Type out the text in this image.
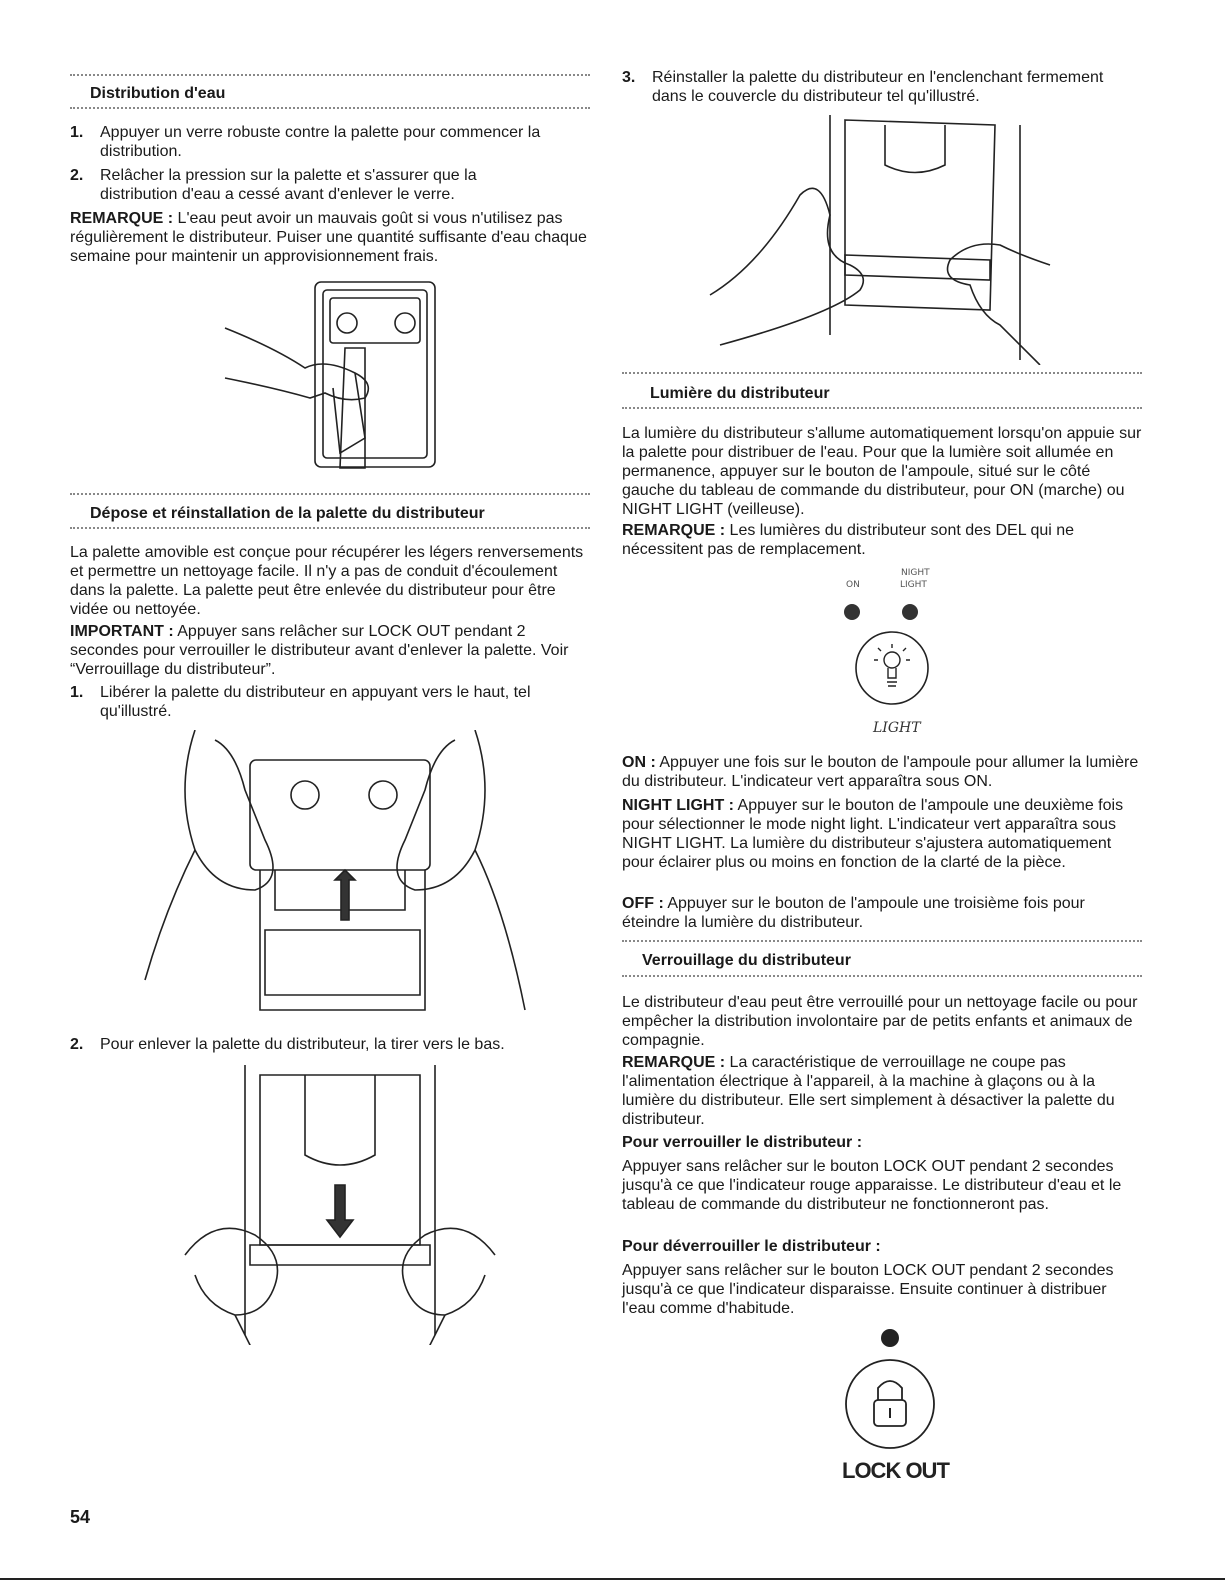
Distribution d'eau
1. Appuyer un verre robuste contre la palette pour commencer la distribution.
2. Relâcher la pression sur la palette et s'assurer que la distribution d'eau a cessé avant d'enlever le verre.
REMARQUE : L'eau peut avoir un mauvais goût si vous n'utilisez pas régulièrement le distributeur. Puiser une quantité suffisante d'eau chaque semaine pour maintenir un approvisionnement frais.
Dépose et réinstallation de la palette du distributeur
La palette amovible est conçue pour récupérer les légers renversements et permettre un nettoyage facile. Il n'y a pas de conduit d'écoulement dans la palette. La palette peut être enlevée du distributeur pour être vidée ou nettoyée.
IMPORTANT : Appuyer sans relâcher sur LOCK OUT pendant 2 secondes pour verrouiller le distributeur avant d'enlever la palette. Voir “Verrouillage du distributeur”.
1. Libérer la palette du distributeur en appuyant vers le haut, tel qu'illustré.
2. Pour enlever la palette du distributeur, la tirer vers le bas.
3. Réinstaller la palette du distributeur en l'enclenchant fermement dans le couvercle du distributeur tel qu'illustré.
Lumière du distributeur
La lumière du distributeur s'allume automatiquement lorsqu'on appuie sur la palette pour distribuer de l'eau. Pour que la lumière soit allumée en permanence, appuyer sur le bouton de l'ampoule, situé sur le côté gauche du tableau de commande du distributeur, pour ON (marche) ou NIGHT LIGHT (veilleuse).
REMARQUE : Les lumières du distributeur sont des DEL qui ne nécessitent pas de remplacement.
NIGHT
ON	LIGHT
LIGHT
ON : Appuyer une fois sur le bouton de l'ampoule pour allumer la lumière du distributeur. L'indicateur vert apparaîtra sous ON.
NIGHT LIGHT : Appuyer sur le bouton de l'ampoule une deuxième fois pour sélectionner le mode night light. L'indicateur vert apparaîtra sous NIGHT LIGHT. La lumière du distributeur s'ajustera automatiquement pour éclairer plus ou moins en fonction de la clarté de la pièce.
OFF : Appuyer sur le bouton de l'ampoule une troisième fois pour éteindre la lumière du distributeur.
Verrouillage du distributeur
Le distributeur d'eau peut être verrouillé pour un nettoyage facile ou pour empêcher la distribution involontaire par de petits enfants et animaux de compagnie.
REMARQUE : La caractéristique de verrouillage ne coupe pas l'alimentation électrique à l'appareil, à la machine à glaçons ou à la lumière du distributeur. Elle sert simplement à désactiver la palette du distributeur.
Pour verrouiller le distributeur :
Appuyer sans relâcher sur le bouton LOCK OUT pendant 2 secondes jusqu'à ce que l'indicateur rouge apparaisse. Le distributeur d'eau et le tableau de commande du distributeur ne fonctionneront pas.
Pour déverrouiller le distributeur :
Appuyer sans relâcher sur le bouton LOCK OUT pendant 2 secondes jusqu'à ce que l'indicateur disparaisse. Ensuite continuer à distribuer l'eau comme d'habitude.
LOCK OUT
54
